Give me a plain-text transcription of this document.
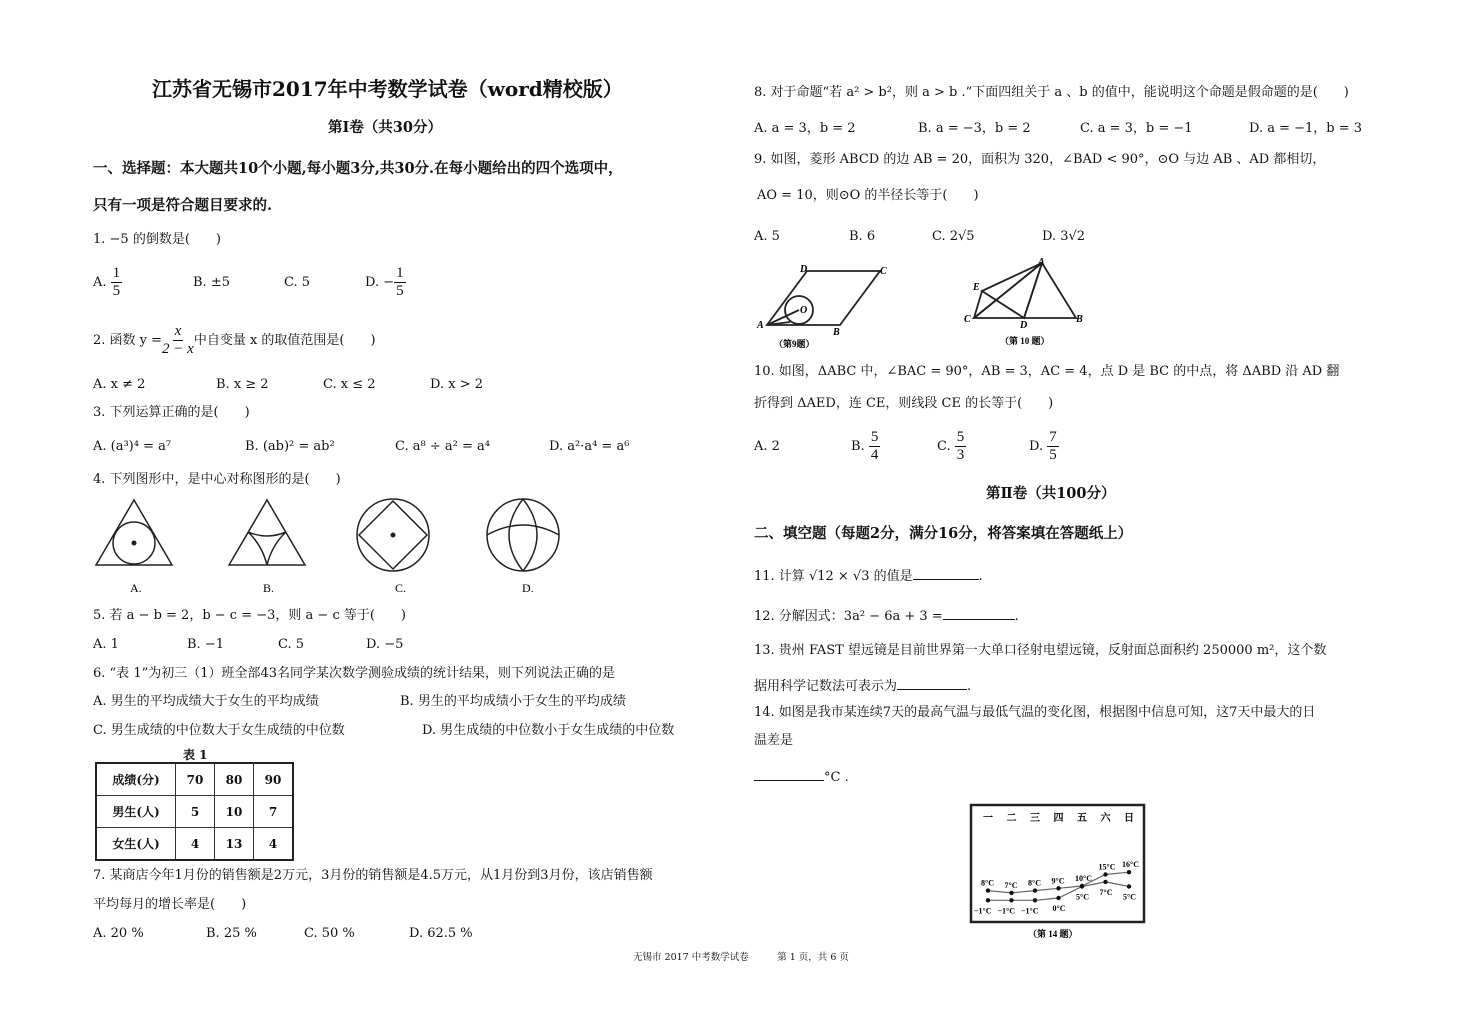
江苏省无锡市2017年中考数学试卷（word精校版）
第Ⅰ卷（共30分）
一、选择题：本大题共10个小题,每小题3分,共30分.在每小题给出的四个选项中，
只有一项是符合题目要求的.
1. −5 的倒数是(　　)
A. $\frac{1}{5}$	B. ±5	C. 5	D. − $\frac{1}{5}$
2. 函数 $y = \frac{x}{2 - x}$ 中自变量 x 的取值范围是(　　)
A. x ≠ 2	B. x ≥ 2	C. x ≤ 2	D. x > 2
3. 下列运算正确的是(　　)
A. (a³)⁴ = a⁷	B. (ab)² = ab²	C. a⁸ ÷ a² = a⁴	D. a²·a⁴ = a⁶
4. 下列图形中，是中心对称图形的是(　　)
A.	B.	C.	D.
5. 若 a − b = 2，b − c = −3，则 a − c 等于(　　)
A. 1	B. −1	C. 5	D. −5
6. “表 1”为初三（1）班全部43名同学某次数学测验成绩的统计结果，则下列说法正确的是
A. 男生的平均成绩大于女生的平均成绩	B. 男生的平均成绩小于女生的平均成绩
C. 男生成绩的中位数大于女生成绩的中位数	D. 男生成绩的中位数小于女生成绩的中位数
表 1
成绩(分)	70	80	90
男生(人)	5	10	7
女生(人)	4	13	4
7. 某商店今年1月份的销售额是2万元，3月份的销售额是4.5万元，从1月份到3月份，该店销售额
平均每月的增长率是(　　)
A. 20 %	B. 25 %	C. 50 %	D. 62.5 %
8. 对于命题“若 a² > b²，则 a > b .”下面四组关于 a 、b 的值中，能说明这个命题是假命题的是(　　)
A. a = 3，b = 2	B. a = −3，b = 2	C. a = 3，b = −1	D. a = −1，b = 3
9. 如图，菱形 ABCD 的边 AB = 20，面积为 320，∠BAD < 90°，⊙O 与边 AB 、AD 都相切，
AO = 10，则⊙O 的半径长等于(　　)
A. 5	B. 6	C. 2√5	D. 3√2
D	C
A
B
O
（第9题）
A
E
C
D
B
（第 10 题）
10. 如图，ΔABC 中，∠BAC = 90°，AB = 3，AC = 4，点 D 是 BC 的中点，将 ΔABD 沿 AD 翻
折得到 ΔAED，连 CE，则线段 CE 的长等于(　　)
A. 2	B. $\frac{5}{4}$	C. $\frac{5}{3}$	D. $\frac{7}{5}$
第Ⅱ卷（共100分）
二、填空题（每题2分，满分16分，将答案填在答题纸上）
11. 计算 √12 × √3 的值是	.
12. 分解因式：3a² − 6a + 3 =	.
13. 贵州 FAST 望远镜是目前世界第一大单口径射电望远镜，反射面总面积约 250000 m²，这个数
据用科学记数法可表示为	.
14. 如图是我市某连续7天的最高气温与最低气温的变化图，根据图中信息可知，这7天中最大的日
温差是
°C .
一 二 三 四 五 六 日
8°C 7°C 8°C 9°C 10°C
15°C 16°C
−1°C −1°C −1°C 0°C
5°C
7°C
5°C
（第 14 题）
无锡市 2017 中考数学试卷　　　第 1 页，共 6 页
